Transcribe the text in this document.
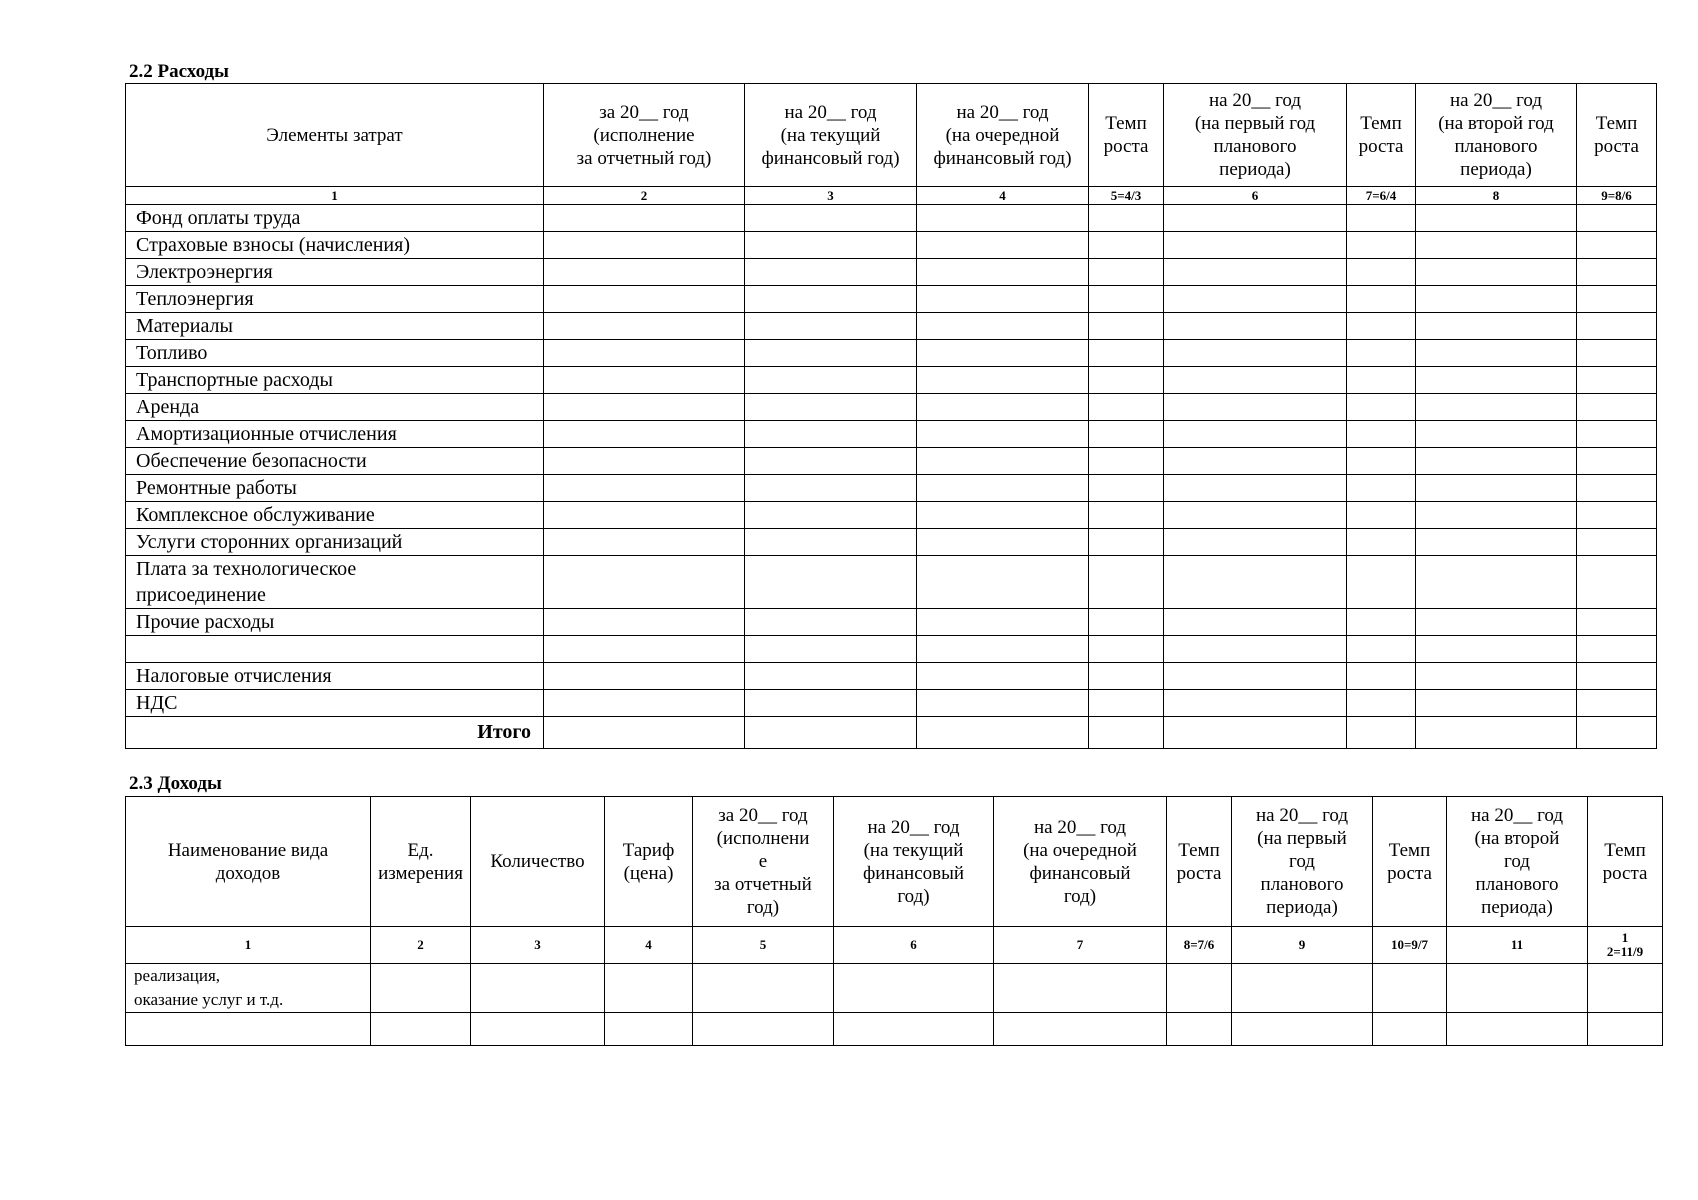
2.2 Расходы
Элементы затрат	за 20__ год
(исполнение
за отчетный год)	на 20__ год
(на текущий
финансовый год)	на 20__ год
(на очередной
финансовый год)	Темп
роста	на 20__ год
(на первый год
планового
периода)	Темп
роста	на 20__ год
(на второй год
планового
периода)	Темп
роста
1	2	3	4	5=4/3	6	7=6/4	8	9=8/6
Фонд оплаты труда								
Страховые взносы (начисления)								
Электроэнергия								
Теплоэнергия								
Материалы								
Топливо								
Транспортные расходы								
Аренда								
Амортизационные отчисления								
Обеспечение безопасности								
Ремонтные работы								
Комплексное обслуживание								
Услуги сторонних организаций								
Плата за технологическое
присоединение								
Прочие расходы								

Налоговые отчисления								
НДС								
Итого								
2.3 Доходы
Наименование вида
доходов	Ед.
измерения	Количество	Тариф
(цена)	за 20__ год
(исполнени
е
за отчетный
год)	на 20__ год
(на текущий
финансовый
год)	на 20__ год
(на очередной
финансовый
год)	Темп
роста	на 20__ год
(на первый
год
планового
периода)	Темп
роста	на 20__ год
(на второй
год
планового
периода)	Темп
роста
1	2	3	4	5	6	7	8=7/6	9	10=9/7	11	1
2=11/9
реализация,
оказание услуг и т.д.											
